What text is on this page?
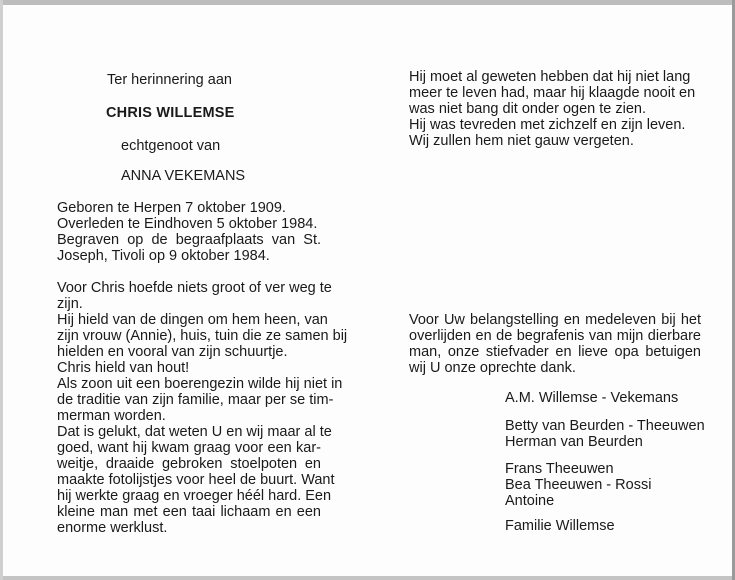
Ter herinnering aan
CHRIS WILLEMSE
echtgenoot van
ANNA VEKEMANS
Geboren te Herpen 7 oktober 1909.
Overleden te Eindhoven 5 oktober 1984.
Begraven op de begraafplaats van St.
Joseph, Tivoli op 9 oktober 1984.
Voor Chris hoefde niets groot of ver weg te
zijn.
Hij hield van de dingen om hem heen, van
zijn vrouw (Annie), huis, tuin die ze samen bij
hielden en vooral van zijn schuurtje.
Chris hield van hout!
Als zoon uit een boerengezin wilde hij niet in
de traditie van zijn familie, maar per se tim-
merman worden.
Dat is gelukt, dat weten U en wij maar al te
goed, want hij kwam graag voor een kar-
weitje, draaide gebroken stoelpoten en
maakte fotolijstjes voor heel de buurt. Want
hij werkte graag en vroeger héél hard. Een
kleine man met een taai lichaam en een
enorme werklust.
Hij moet al geweten hebben dat hij niet lang
meer te leven had, maar hij klaagde nooit en
was niet bang dit onder ogen te zien.
Hij was tevreden met zichzelf en zijn leven.
Wij zullen hem niet gauw vergeten.
Voor Uw belangstelling en medeleven bij het
overlijden en de begrafenis van mijn dierbare
man, onze stiefvader en lieve opa betuigen
wij U onze oprechte dank.
A.M. Willemse - Vekemans
Betty van Beurden - Theeuwen
Herman van Beurden
Frans Theeuwen
Bea Theeuwen - Rossi
Antoine
Familie Willemse
